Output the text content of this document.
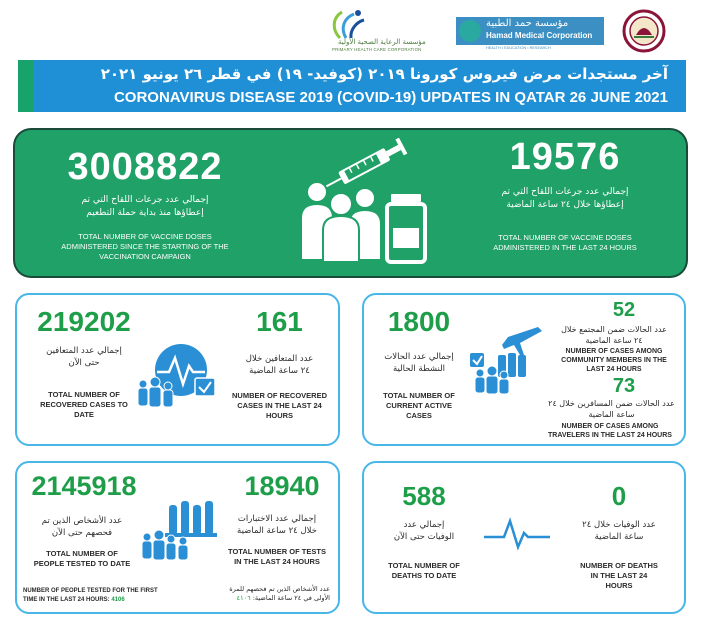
مؤسسة الرعاية الصحية الأولية
PRIMARY HEALTH CARE CORPORATION
مؤسسة حمد الطبية
Hamad Medical Corporation
HEALTH • EDUCATION • RESEARCH
آخر مستجدات مرض فيروس كورونا ٢٠١٩ (كوفيد- ١٩) في قطر ٢٦ يونيو ٢٠٢١
CORONAVIRUS DISEASE 2019 (COVID-19) UPDATES IN QATAR 26 JUNE 2021
3008822
إجمالي عدد جرعات اللقاح التي تم
إعطاؤها منذ بداية حملة التطعيم
TOTAL NUMBER OF VACCINE DOSES
ADMINISTERED SINCE THE STARTING OF THE
VACCINATION CAMPAIGN
19576
إجمالي عدد جرعات اللقاح التي تم
إعطاؤها خلال ٢٤ ساعة الماضية
TOTAL NUMBER OF VACCINE DOSES
ADMINISTERED IN THE LAST 24 HOURS
219202
إجمالي عدد المتعافين
حتى الآن
TOTAL NUMBER OF
RECOVERED CASES TO
DATE
161
عدد المتعافين خلال
٢٤ ساعة الماضية
NUMBER OF RECOVERED
CASES IN THE LAST 24
HOURS
1800
إجمالي عدد الحالات
النشطة الحالية
TOTAL NUMBER OF
CURRENT ACTIVE
CASES
52
عدد الحالات ضمن المجتمع خلال
٢٤ ساعة الماضية
NUMBER OF CASES AMONG
COMMUNITY MEMBERS IN THE
LAST 24 HOURS
73
عدد الحالات ضمن المسافرين خلال ٢٤
ساعة الماضية
NUMBER OF CASES AMONG
TRAVELERS IN THE LAST 24 HOURS
2145918
عدد الأشخاص الذين تم
فحصهم حتى الآن
TOTAL NUMBER OF
PEOPLE TESTED TO DATE
18940
إجمالي عدد الاختبارات
خلال ٢٤ ساعة الماضية
TOTAL NUMBER OF TESTS
IN THE LAST 24 HOURS
NUMBER OF PEOPLE TESTED FOR THE FIRST
TIME IN THE LAST 24 HOURS: 4106
عدد الأشخاص الذين تم فحصهم للمرة
الأولى في ٢٤ ساعة الماضية: ٤١٠٦
588
إجمالي عدد
الوفيات حتى الآن
TOTAL NUMBER OF
DEATHS TO DATE
0
عدد الوفيات خلال ٢٤
ساعة الماضية
NUMBER OF DEATHS
IN THE LAST 24
HOURS
